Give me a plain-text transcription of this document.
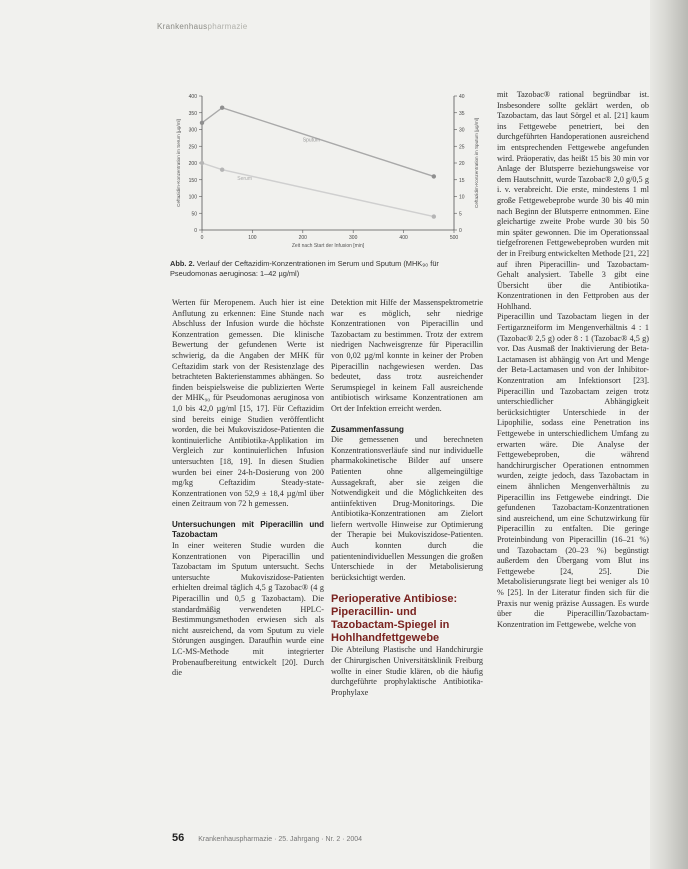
Krankenhauspharmazie
0
50
100
150
200
250
300
350
400
0
5
10
15
20
25
30
35
40
0	100	200	300	400	500
Zeit nach Start der Infusion [min]
Ceftazidim-Konzentration im Serum [µg/ml]	Ceftazidim-Konzentration im Sputum [µg/ml]
Sputum
Serum
Abb. 2. Verlauf der Ceftazidim-Konzentrationen im Serum und Sputum (MHK₉₀ für Pseudomonas aeruginosa: 1–42 µg/ml)

Werten für Meropenem. Auch hier ist eine Anflutung zu erkennen: Eine Stunde nach Abschluss der Infusion wurde die höchste Konzentration gemessen. Die klinische Bewertung der gefundenen Werte ist schwierig, da die Angaben der MHK für Ceftazidim stark von der Resistenzlage des betrachteten Bakterienstammes abhängen. So finden beispielsweise die publizierten Werte der MHK₉₀ für Pseudomonas aeruginosa von 1,0 bis 42,0 µg/ml [15, 17]. Für Ceftazidim sind bereits einige Studien veröffentlicht worden, die bei Mukoviszidose-Patienten die kontinuierliche Antibiotika-Applikation im Vergleich zur kontinuierlichen Infusion untersuchten [18, 19]. In diesen Studien wurden bei einer 24-h-Dosierung von 200 mg/kg Ceftazidim Steady-state-Konzentrationen von 52,9 ± 18,4 µg/ml über einen Zeitraum von 72 h gemessen.

Untersuchungen mit Piperacillin und Tazobactam

In einer weiteren Studie wurden die Konzentrationen von Piperacillin und Tazobactam im Sputum untersucht. Sechs untersuchte Mukoviszidose-Patienten erhielten dreimal täglich 4,5 g Tazobac® (4 g Piperacillin und 0,5 g Tazobactam). Die standardmäßig verwendeten HPLC-Bestimmungsmethoden erwiesen sich als nicht ausreichend, da vom Sputum zu viele Störungen ausgingen. Daraufhin wurde eine LC-MS-Methode mit integrierter Probenaufbereitung entwickelt [20]. Durch die

Detektion mit Hilfe der Massenspektrometrie war es möglich, sehr niedrige Konzentrationen von Piperacillin und Tazobactam zu bestimmen. Trotz der extrem niedrigen Nachweisgrenze für Piperacillin von 0,02 µg/ml konnte in keiner der Proben Piperacillin nachgewiesen werden. Das bedeutet, dass trotz ausreichender Serumspiegel in keinem Fall ausreichende antibiotisch wirksame Konzentrationen am Ort der Infektion erreicht werden.

Zusammenfassung

Die gemessenen und berechneten Konzentrationsverläufe sind nur individuelle pharmakokinetische Bilder auf unsere Patienten ohne allgemeingültige Aussagekraft, aber sie zeigen die Notwendigkeit und die Möglichkeiten des antiinfektiven Drug-Monitorings. Die Antibiotika-Konzentrationen am Zielort liefern wertvolle Hinweise zur Optimierung der Therapie bei Mukoviszidose-Patienten. Auch konnten durch die patientenindividuellen Messungen die großen Unterschiede in der Metabolisierung berücksichtigt werden.

Perioperative Antibiose: Piperacillin- und Tazobactam-Spiegel in Hohlhandfettgewebe

Die Abteilung Plastische und Handchirurgie der Chirurgischen Universitätsklinik Freiburg wollte in einer Studie klären, ob die häufig durchgeführte prophylaktische Antibiotika-Prophylaxe

mit Tazobac® rational begründbar ist. Insbesondere sollte geklärt werden, ob Tazobactam, das laut Sörgel et al. [21] kaum ins Fettgewebe penetriert, bei den durchgeführten Handoperationen ausreichend im entsprechenden Fettgewebe angefunden wird. Präoperativ, das heißt 15 bis 30 min vor Anlage der Blutsperre beziehungsweise vor dem Hautschnitt, wurde Tazobac® 2,0 g/0,5 g i. v. verabreicht. Die erste, mindestens 1 ml große Fettgewebeprobe wurde 30 bis 40 min nach Beginn der Blutsperre entnommen. Eine gleichartige zweite Probe wurde 30 bis 50 min später gewonnen. Die im Operationssaal tiefgefrorenen Fettgewebeproben wurden mit der in Freiburg entwickelten Methode [21, 22] auf ihren Piperacillin- und Tazobactam-Gehalt analysiert. Tabelle 3 gibt eine Übersicht über die Antibiotika-Konzentrationen in den Fettproben aus der Hohlhand.

Piperacillin und Tazobactam liegen in der Fertigarzneiform im Mengenverhältnis 4 : 1 (Tazobac® 2,5 g) oder 8 : 1 (Tazobac® 4,5 g) vor. Das Ausmaß der Inaktivierung der Beta-Lactamasen ist abhängig von Art und Menge der Beta-Lactamasen und von der Inhibitor-Konzentration am Infektionsort [23]. Piperacillin und Tazobactam zeigen trotz unterschiedlicher Abhängigkeit berücksichtigter Unterschiede in der Lipophilie, sodass eine Penetration ins Fettgewebe in unterschiedlichem Umfang zu erwarten wäre. Die Analyse der Fettgewebeproben, die während handchirurgischer Operationen entnommen wurden, zeigte jedoch, dass Tazobactam in einem ähnlichen Mengenverhältnis zu Piperacillin ins Fettgewebe eindringt. Die gefundenen Tazobactam-Konzentrationen sind ausreichend, um eine Schutzwirkung für Piperacillin zu entfalten. Die geringe Proteinbindung von Piperacillin (16–21 %) und Tazobactam (20–23 %) begünstigt außerdem den Übergang vom Blut ins Fettgewebe [24, 25]. Die Metabolisierungsrate liegt bei weniger als 10 % [25]. In der Literatur finden sich für die Praxis nur wenig präzise Aussagen. Es wurde über die Piperacillin/Tazobactam-Konzentration im Fettgewebe, welche von

56 Krankenhauspharmazie · 25. Jahrgang · Nr. 2 · 2004
